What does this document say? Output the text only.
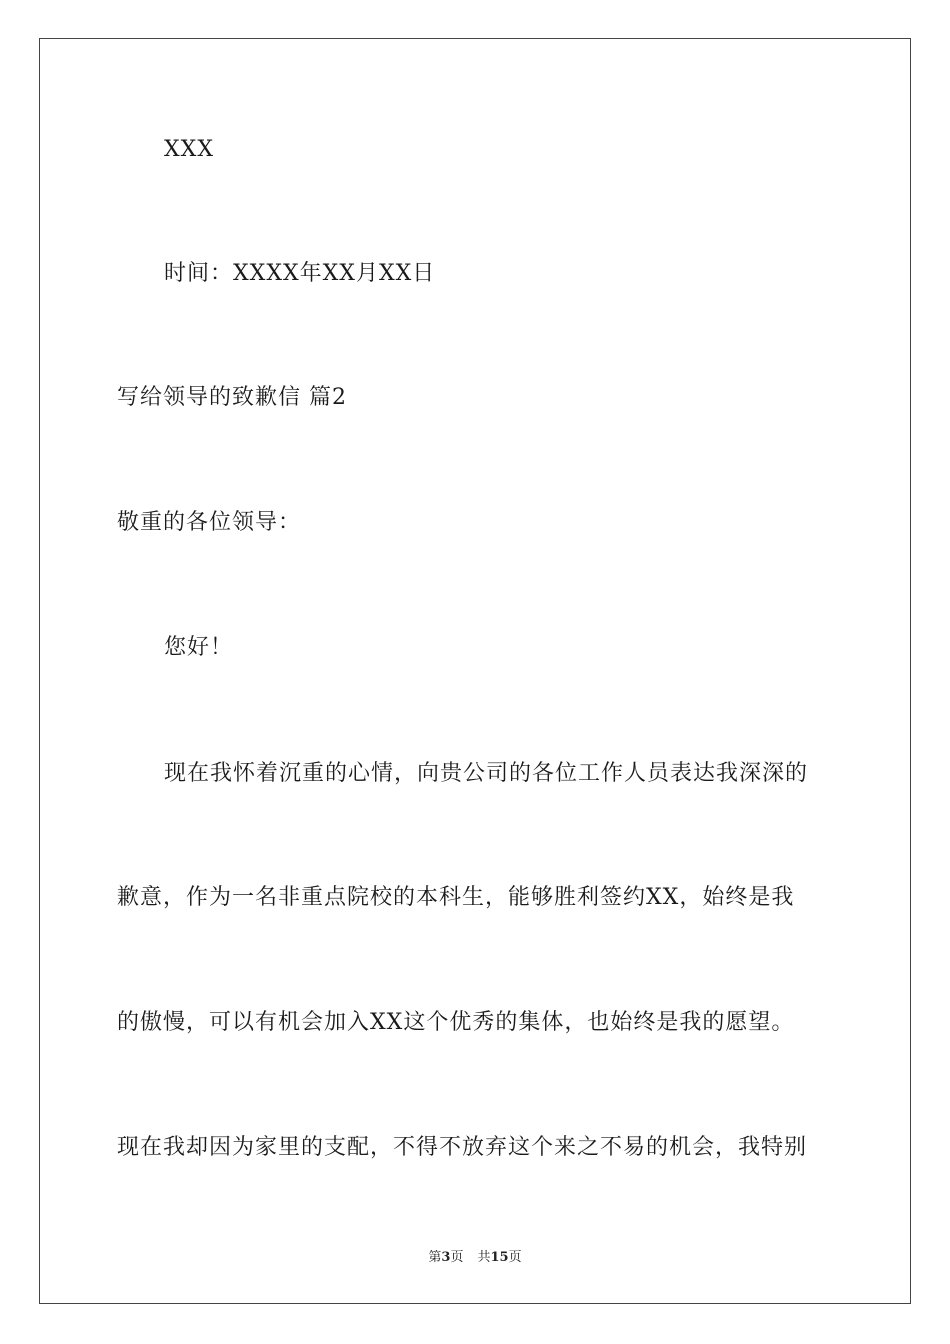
XXX
时间：XXXX年XX月XX日
写给领导的致歉信 篇2
敬重的各位领导：
您好！
现在我怀着沉重的心情，向贵公司的各位工作人员表达我深深的
歉意，作为一名非重点院校的本科生，能够胜利签约XX，始终是我
的傲慢，可以有机会加入XX这个优秀的集体，也始终是我的愿望。
现在我却因为家里的支配，不得不放弃这个来之不易的机会，我特别
第3页 共15页
